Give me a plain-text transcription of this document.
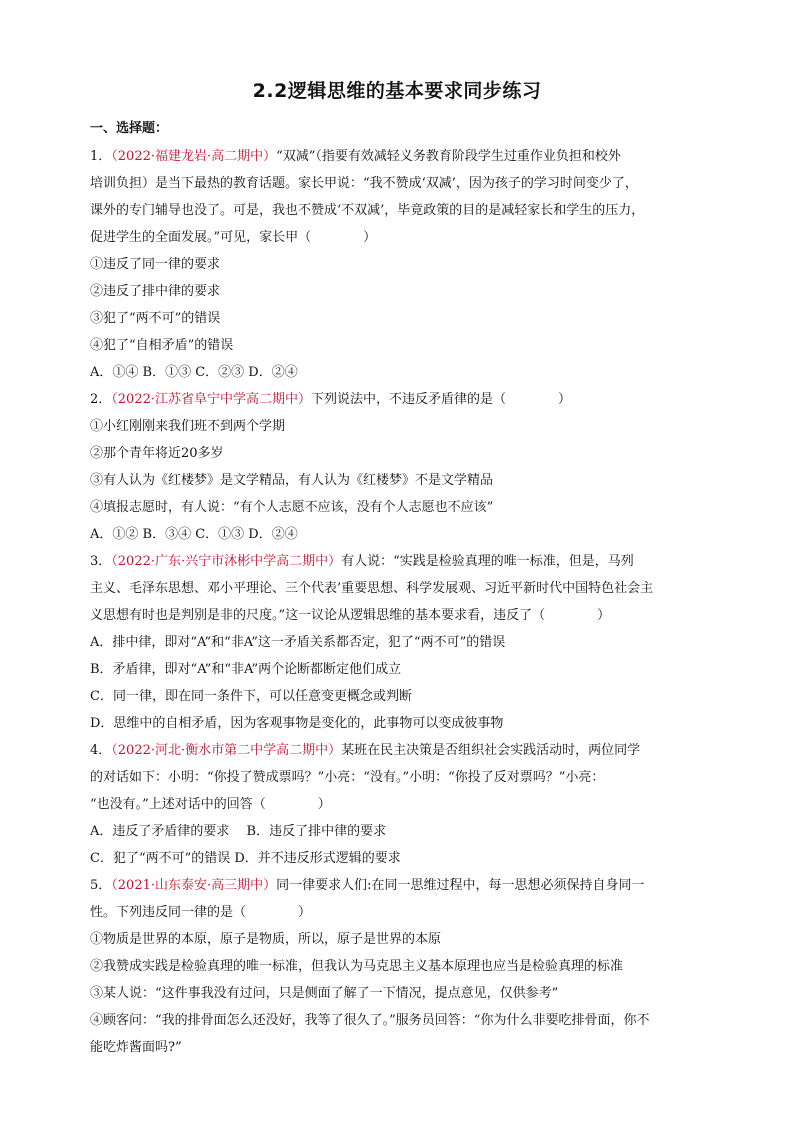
2.2逻辑思维的基本要求同步练习
一、选择题：
1．（2022·福建龙岩·高二期中）“双减”（指要有效减轻义务教育阶段学生过重作业负担和校外
培训负担）是当下最热的教育话题。家长甲说：“我不赞成‘双减’，因为孩子的学习时间变少了，
课外的专门辅导也没了。可是，我也不赞成‘不双减’，毕竟政策的目的是减轻家长和学生的压力，
促进学生的全面发展。”可见，家长甲（　　　　）
①违反了同一律的要求
②违反了排中律的要求
③犯了“两不可”的错误
④犯了“自相矛盾”的错误
A．①④ B．①③ C．②③ D．②④
2．（2022·江苏省阜宁中学高二期中）下列说法中，不违反矛盾律的是（　　　　）
①小红刚刚来我们班不到两个学期
②那个青年将近20多岁
③有人认为《红楼梦》是文学精品，有人认为《红楼梦》不是文学精品
④填报志愿时，有人说：“有个人志愿不应该，没有个人志愿也不应该”
A．①② B．③④ C．①③ D．②④
3．（2022·广东·兴宁市沐彬中学高二期中）有人说：“实践是检验真理的唯一标准，但是，马列
主义、毛泽东思想、邓小平理论、三个代表’重要思想、科学发展观、习近平新时代中国特色社会主
义思想有时也是判别是非的尺度。”这一议论从逻辑思维的基本要求看，违反了（　　　　）
A．排中律，即对“A”和“非A”这一矛盾关系都否定，犯了“两不可”的错误
B．矛盾律，即对“A”和“非A”两个论断都断定他们成立
C．同一律，即在同一条件下，可以任意变更概念或判断
D．思维中的自相矛盾，因为客观事物是变化的，此事物可以变成彼事物
4．（2022·河北·衡水市第二中学高二期中）某班在民主决策是否组织社会实践活动时，两位同学
的对话如下：小明：“你投了赞成票吗？”小亮：“没有。”小明：“你投了反对票吗？”小亮：
“也没有。”上述对话中的回答（　　　　）
A．违反了矛盾律的要求　 B．违反了排中律的要求
C．犯了“两不可”的错误 D．并不违反形式逻辑的要求
5．（2021·山东泰安·高三期中）同一律要求人们:在同一思维过程中，每一思想必须保持自身同一
性。下列违反同一律的是（　　　　）
①物质是世界的本原，原子是物质，所以，原子是世界的本原
②我赞成实践是检验真理的唯一标准，但我认为马克思主义基本原理也应当是检验真理的标准
③某人说：“这件事我没有过问，只是侧面了解了一下情况，提点意见，仅供参考”
④顾客问：“我的排骨面怎么还没好，我等了很久了。”服务员回答：“你为什么非要吃排骨面，你不
能吃炸酱面吗?”
